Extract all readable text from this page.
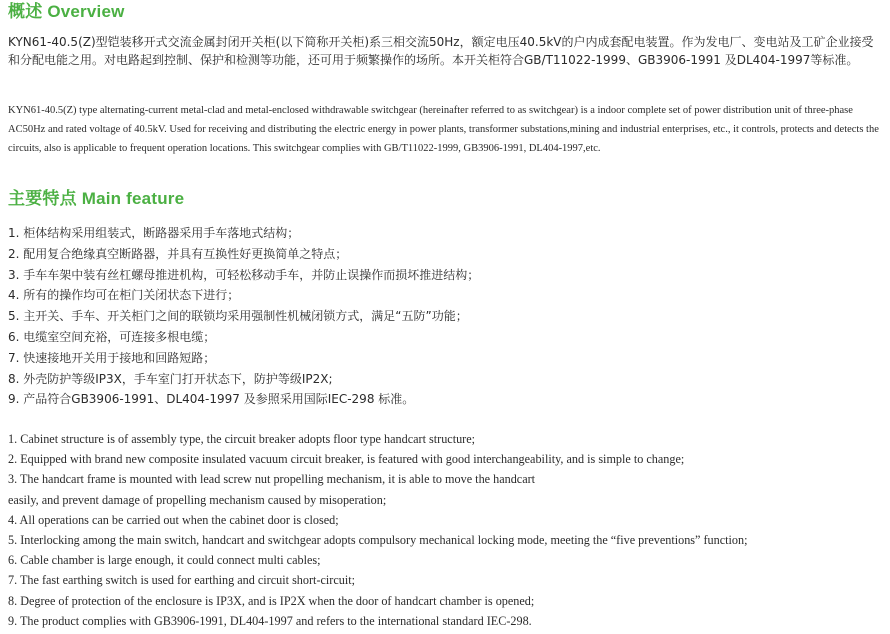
概述 Overview

KYN61-40.5(Z)型铠装移开式交流金属封闭开关柜(以下简称开关柜)系三相交流50Hz，额定电压40.5kV的户内成套配电装置。作为发电厂、变电站及工矿企业接受和分配电能之用。对电路起到控制、保护和检测等功能，还可用于频繁操作的场所。本开关柜符合GB/T11022-1999、GB3906-1991 及DL404-1997等标准。

KYN61-40.5(Z) type alternating-current metal-clad and metal-enclosed withdrawable switchgear (hereinafter referred to as switchgear) is a indoor complete set of power distribution unit of three-phase AC50Hz and rated voltage of 40.5kV. Used for receiving and distributing the electric energy in power plants, transformer substations,mining and industrial enterprises, etc., it controls, protects and detects the circuits, also is applicable to frequent operation locations. This switchgear complies with GB/T11022-1999, GB3906-1991, DL404-1997,etc.

主要特点 Main feature
1. 柜体结构采用组装式，断路器采用手车落地式结构；
2. 配用复合绝缘真空断路器，并具有互换性好更换简单之特点；
3. 手车车架中装有丝杠螺母推进机构，可轻松移动手车，并防止误操作而损坏推进结构；
4. 所有的操作均可在柜门关闭状态下进行；
5. 主开关、手车、开关柜门之间的联锁均采用强制性机械闭锁方式，满足“五防”功能；
6. 电缆室空间充裕，可连接多根电缆；
7. 快速接地开关用于接地和回路短路；
8. 外壳防护等级IP3X，手车室门打开状态下，防护等级IP2X;
9. 产品符合GB3906-1991、DL404-1997 及参照采用国际IEC-298 标准。
1. Cabinet structure is of assembly type, the circuit breaker adopts floor type handcart structure;
2. Equipped with brand new composite insulated vacuum circuit breaker, is featured with good interchangeability, and is simple to change;
3. The handcart frame is mounted with lead screw nut propelling mechanism, it is able to move the handcart
easily, and prevent damage of propelling mechanism caused by misoperation;
4. All operations can be carried out when the cabinet door is closed;
5. Interlocking among the main switch, handcart and switchgear adopts compulsory mechanical locking mode, meeting the “five preventions” function;
6. Cable chamber is large enough, it could connect multi cables;
7. The fast earthing switch is used for earthing and circuit short-circuit;
8. Degree of protection of the enclosure is IP3X, and is IP2X when the door of handcart chamber is opened;
9. The product complies with GB3906-1991, DL404-1997 and refers to the international standard IEC-298.
